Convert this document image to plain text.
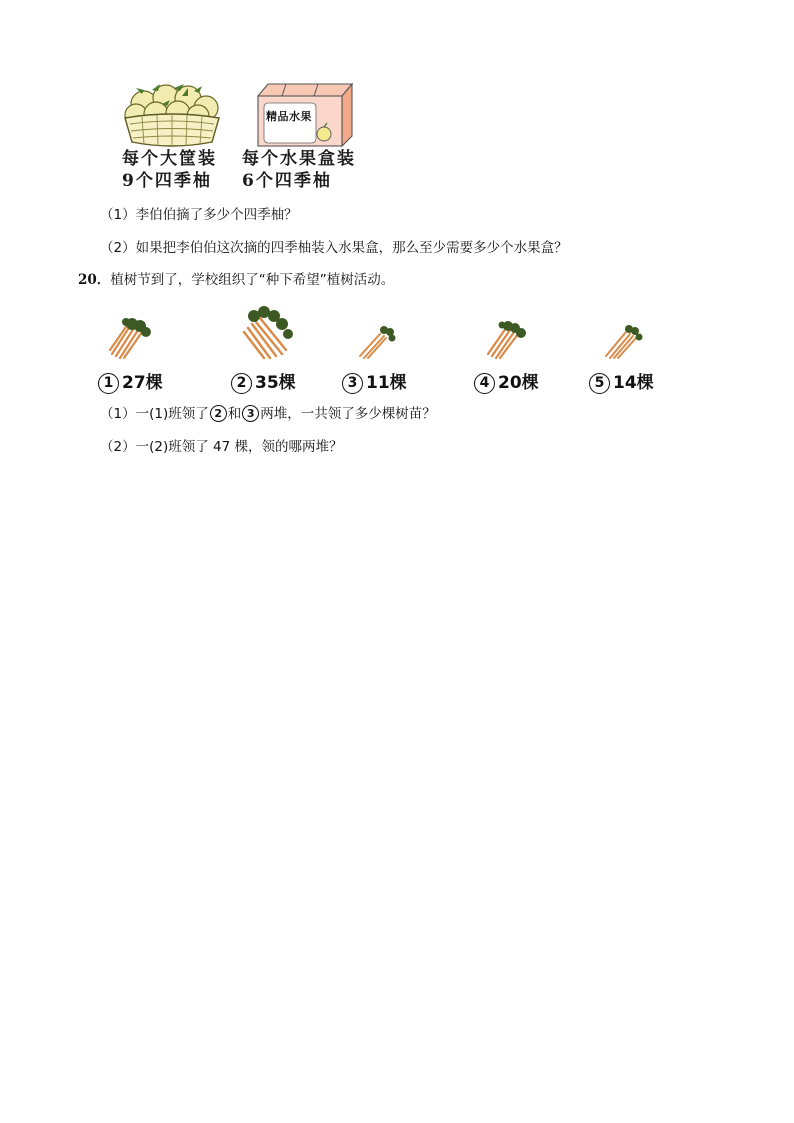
精品水果
每个大筐装
9个四季柚
每个水果盒装
6个四季柚
（1）李伯伯摘了多少个四季柚？
（2）如果把李伯伯这次摘的四季柚装入水果盒，那么至少需要多少个水果盒？
20．植树节到了，学校组织了“种下希望”植树活动。
1 27棵	2 35棵	3 11棵	4 20棵	5 14棵
（1）一(1)班领了 2 和 3 两堆，一共领了多少棵树苗？
（2）一(2)班领了 47 棵，领的哪两堆？
